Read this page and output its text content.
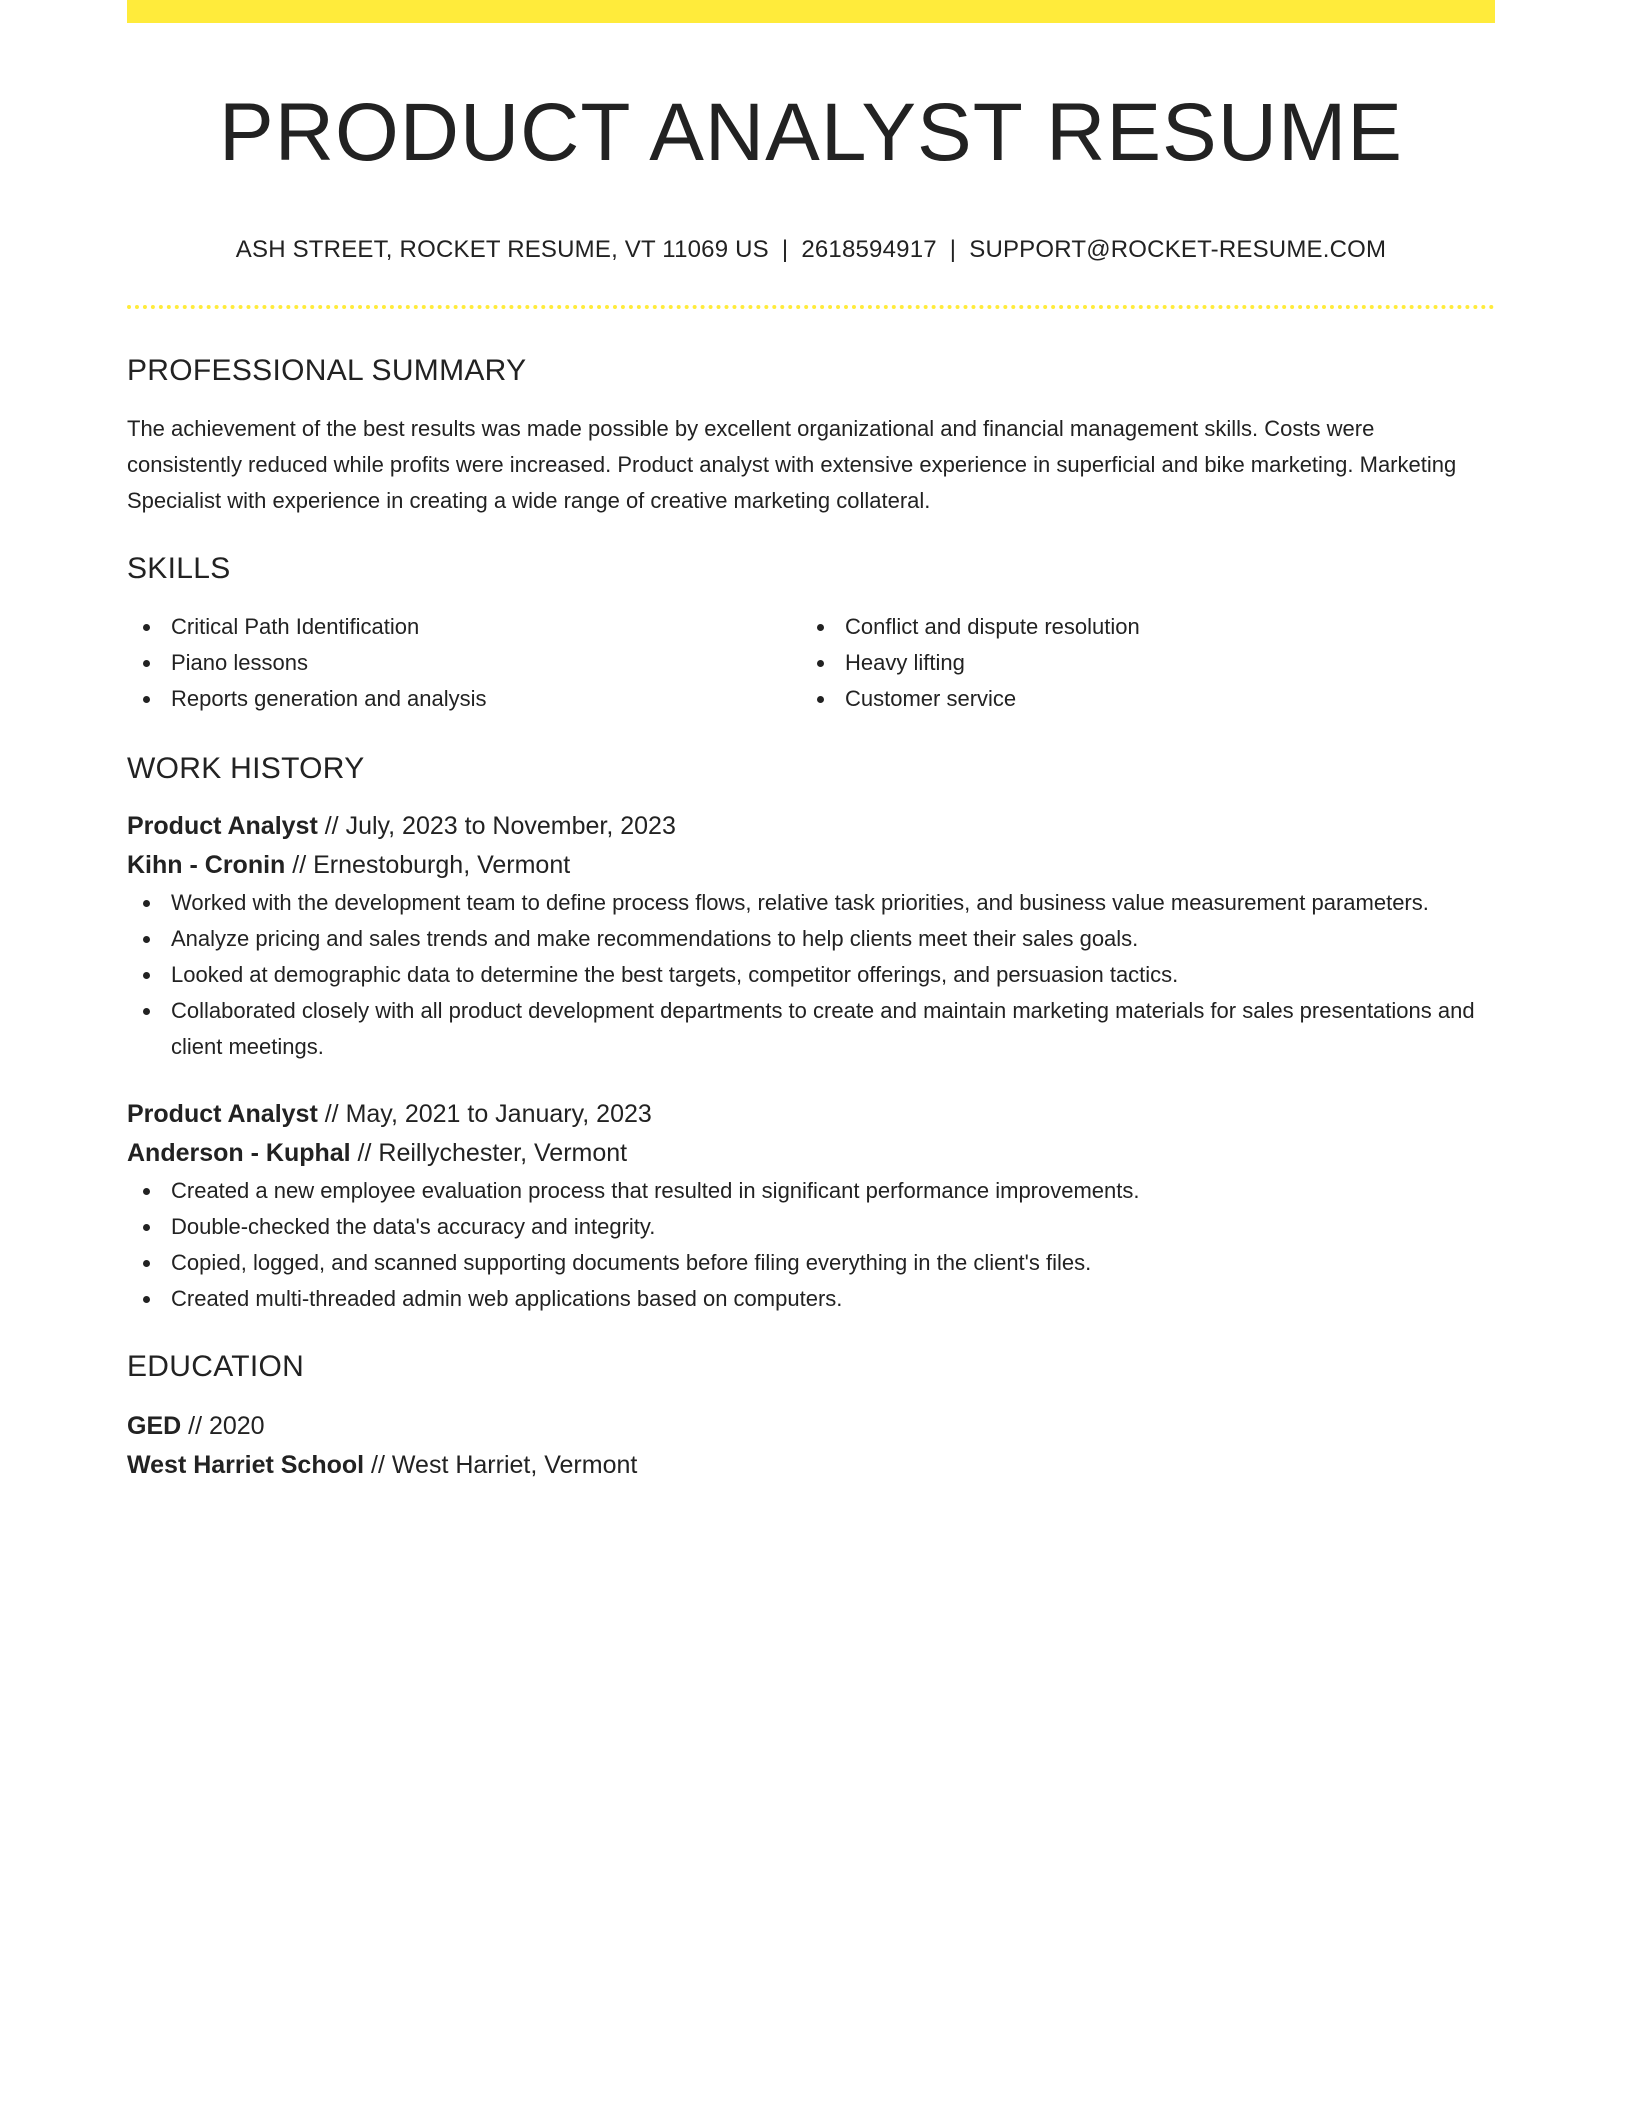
PRODUCT ANALYST RESUME
ASH STREET, ROCKET RESUME, VT 11069 US | 2618594917 | SUPPORT@ROCKET-RESUME.COM
PROFESSIONAL SUMMARY
The achievement of the best results was made possible by excellent organizational and financial management skills. Costs were consistently reduced while profits were increased. Product analyst with extensive experience in superficial and bike marketing. Marketing Specialist with experience in creating a wide range of creative marketing collateral.
SKILLS
Critical Path Identification
Piano lessons
Reports generation and analysis
Conflict and dispute resolution
Heavy lifting
Customer service
WORK HISTORY
Product Analyst // July, 2023 to November, 2023
Kihn - Cronin // Ernestoburgh, Vermont
Worked with the development team to define process flows, relative task priorities, and business value measurement parameters.
Analyze pricing and sales trends and make recommendations to help clients meet their sales goals.
Looked at demographic data to determine the best targets, competitor offerings, and persuasion tactics.
Collaborated closely with all product development departments to create and maintain marketing materials for sales presentations and client meetings.
Product Analyst // May, 2021 to January, 2023
Anderson - Kuphal // Reillychester, Vermont
Created a new employee evaluation process that resulted in significant performance improvements.
Double-checked the data's accuracy and integrity.
Copied, logged, and scanned supporting documents before filing everything in the client's files.
Created multi-threaded admin web applications based on computers.
EDUCATION
GED // 2020
West Harriet School // West Harriet, Vermont
